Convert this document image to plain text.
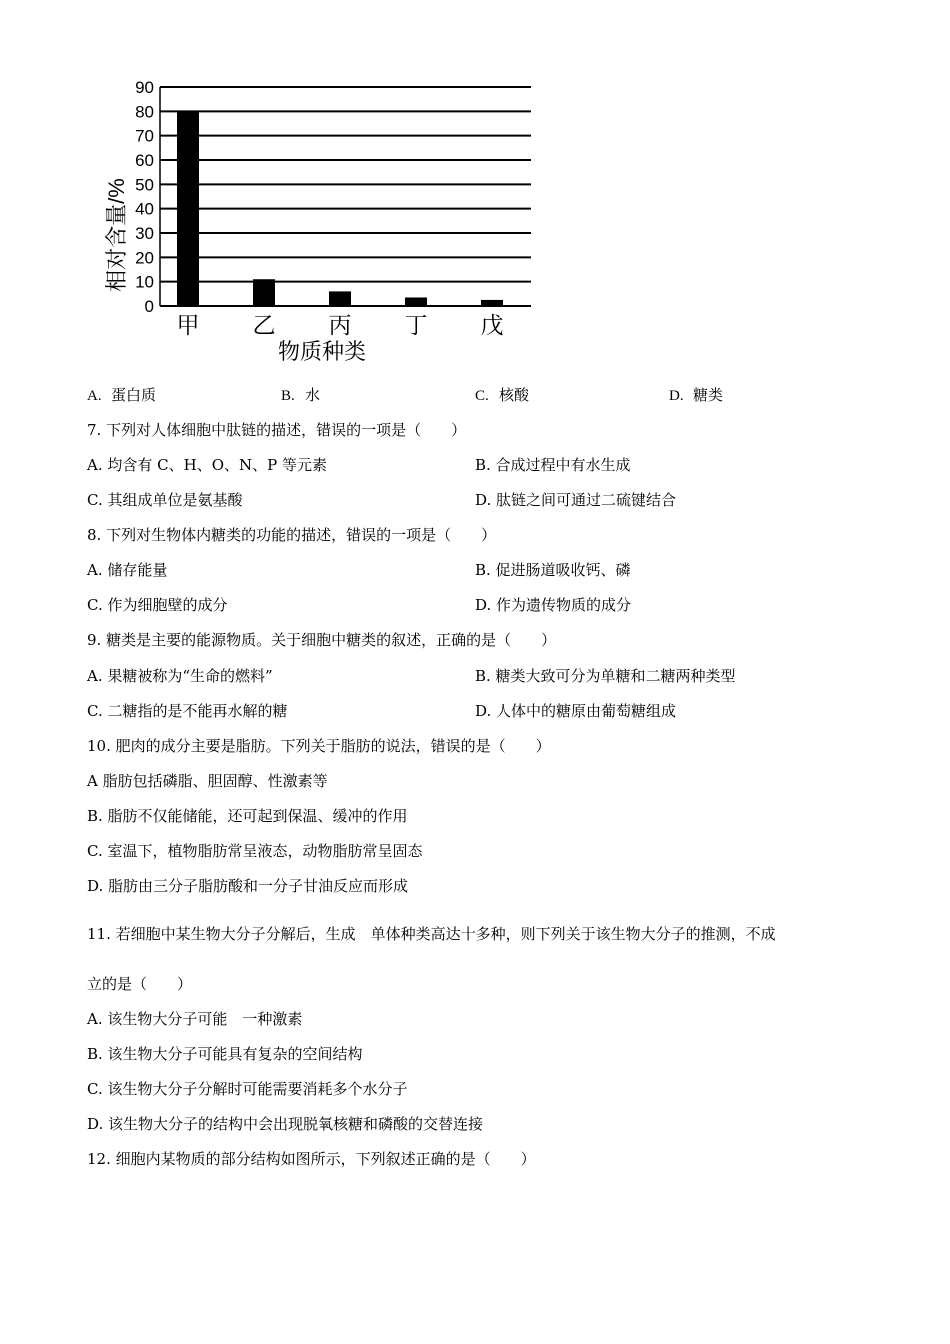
相对含量/%
物质种类
0
10
20
30
40
50
60
70
80
90
甲 乙 丙 丁 戊
A. 蛋白质	B. 水	C. 核酸	D. 糖类
7. 下列对人体细胞中肽链的描述，错误的一项是（　　）
A. 均含有 C、H、O、N、P 等元素	B. 合成过程中有水生成
C. 其组成单位是氨基酸	D. 肽链之间可通过二硫键结合
8. 下列对生物体内糖类的功能的描述，错误的一项是（　　）
A. 储存能量	B. 促进肠道吸收钙、磷
C. 作为细胞壁的成分	D. 作为遗传物质的成分
9. 糖类是主要的能源物质。关于细胞中糖类的叙述，正确的是（　　）
A. 果糖被称为“生命的燃料”	B. 糖类大致可分为单糖和二糖两种类型
C. 二糖指的是不能再水解的糖	D. 人体中的糖原由葡萄糖组成
10. 肥肉的成分主要是脂肪。下列关于脂肪的说法，错误的是（　　）
A 脂肪包括磷脂、胆固醇、性激素等
B. 脂肪不仅能储能，还可起到保温、缓冲的作用
C. 室温下，植物脂肪常呈液态，动物脂肪常呈固态
D. 脂肪由三分子脂肪酸和一分子甘油反应而形成
11. 若细胞中某生物大分子分解后，生成　单体种类高达十多种，则下列关于该生物大分子的推测，不成
立的是（　　）
A. 该生物大分子可能　一种激素
B. 该生物大分子可能具有复杂的空间结构
C. 该生物大分子分解时可能需要消耗多个水分子
D. 该生物大分子的结构中会出现脱氧核糖和磷酸的交替连接
12. 细胞内某物质的部分结构如图所示，下列叙述正确的是（　　）
